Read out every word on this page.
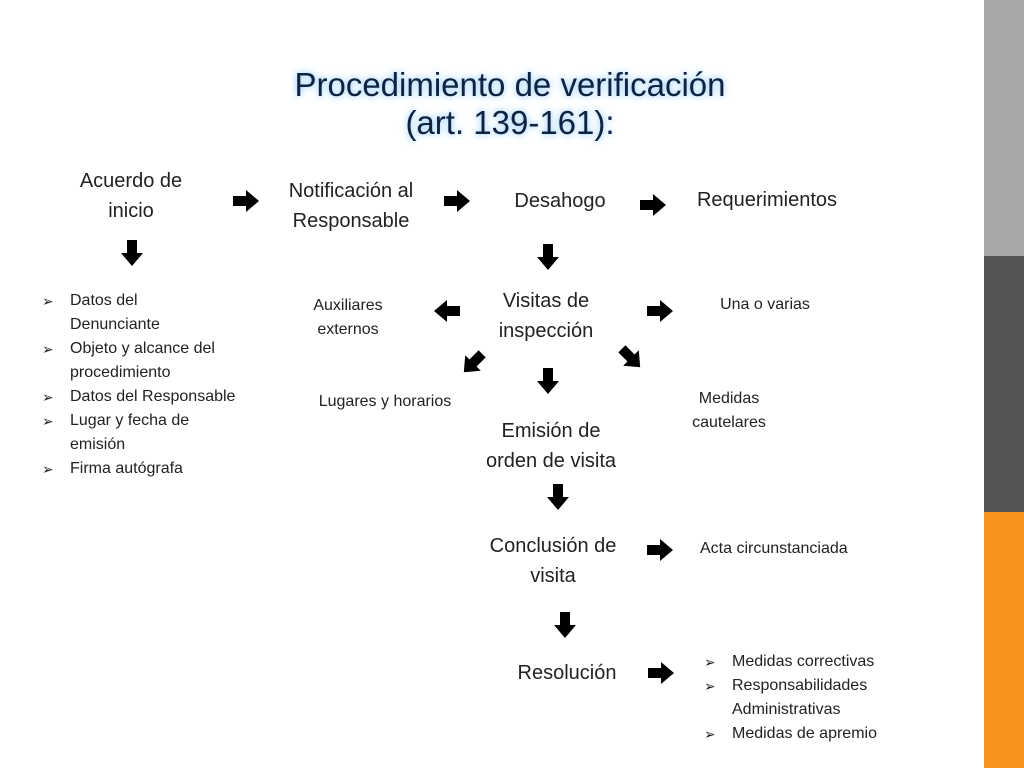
Procedimiento de verificación
(art. 139-161):
Acuerdo de
inicio
Notificación al
Responsable
Desahogo	Requerimientos
Visitas de
inspección
Emisión de
orden de visita
Conclusión de
visita
Resolución
Auxiliares
externos
Una o varias
Lugares y horarios	Medidas
cautelares
Acta circunstanciada
➢ Datos del
Denunciante
➢ Objeto y alcance del
procedimiento
➢ Datos del Responsable
➢ Lugar y fecha de
emisión
➢ Firma autógrafa
➢ Medidas correctivas
➢ Responsabilidades
Administrativas
➢ Medidas de apremio
